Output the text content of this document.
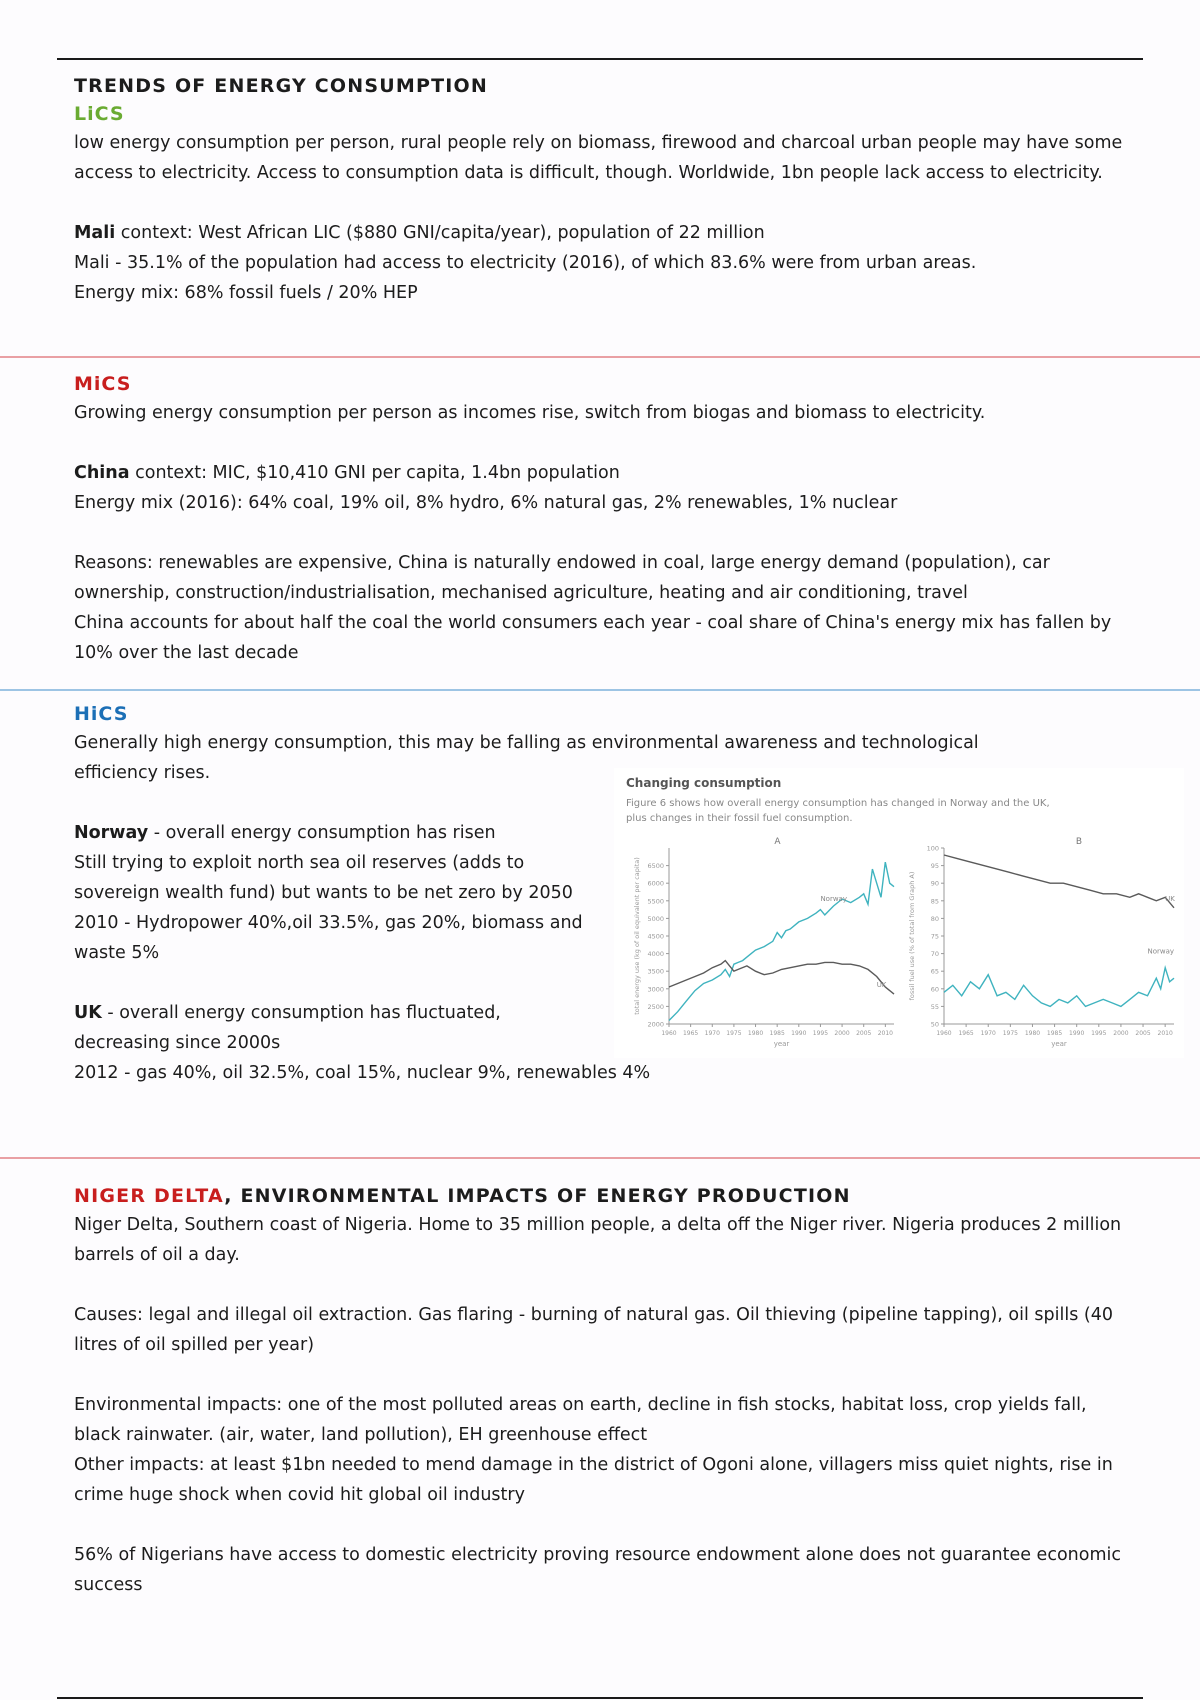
TRENDS OF ENERGY CONSUMPTION
LiCS

low energy consumption per person, rural people rely on biomass, firewood and charcoal urban people may have some access to electricity. Access to consumption data is difficult, though. Worldwide, 1bn people lack access to electricity.

Mali context: West African LIC ($880 GNI/capita/year), population of 22 million

Mali - 35.1% of the population had access to electricity (2016), of which 83.6% were from urban areas.

Energy mix: 68% fossil fuels / 20% HEP

MiCS

Growing energy consumption per person as incomes rise, switch from biogas and biomass to electricity.

China context: MIC, $10,410 GNI per capita, 1.4bn population

Energy mix (2016): 64% coal, 19% oil, 8% hydro, 6% natural gas, 2% renewables, 1% nuclear

Reasons: renewables are expensive, China is naturally endowed in coal, large energy demand (population), car ownership, construction/industrialisation, mechanised agriculture, heating and air conditioning, travel

China accounts for about half the coal the world consumers each year - coal share of China's energy mix has fallen by 10% over the last decade

HiCS

Generally high energy consumption, this may be falling as environmental awareness and technological efficiency rises.

Norway - overall energy consumption has risen

Still trying to exploit north sea oil reserves (adds to sovereign wealth fund) but wants to be net zero by 2050

2010 - Hydropower 40%,oil 33.5%, gas 20%, biomass and waste 5%

UK - overall energy consumption has fluctuated, decreasing since 2000s

2012 - gas 40%, oil 32.5%, coal 15%, nuclear 9%, renewables 4%

Changing consumption
Figure 6 shows how overall energy consumption has changed in Norway and the UK, plus changes in their fossil fuel consumption.
2000
2500
3000
3500
4000
4500
5000
5500
6000
6500
1960 1965 1970 1975 1980 1985 1990 1995 2000 2005 2010
year
total energy use (kg of oil equivalent per capita)
A
Norway
UK
50
55
60
65
70
75
80
85
90
95
100
1960 1965 1970 1975 1980 1985 1990 1995 2000 2005 2010
year
fossil fuel use (% of total from Graph A)
B
UK
Norway
NIGER DELTA, ENVIRONMENTAL IMPACTS OF ENERGY PRODUCTION

Niger Delta, Southern coast of Nigeria. Home to 35 million people, a delta off the Niger river. Nigeria produces 2 million barrels of oil a day.

Causes: legal and illegal oil extraction. Gas flaring - burning of natural gas. Oil thieving (pipeline tapping), oil spills (40 litres of oil spilled per year)

Environmental impacts: one of the most polluted areas on earth, decline in fish stocks, habitat loss, crop yields fall, black rainwater. (air, water, land pollution), EH greenhouse effect

Other impacts: at least $1bn needed to mend damage in the district of Ogoni alone, villagers miss quiet nights, rise in crime huge shock when covid hit global oil industry

56% of Nigerians have access to domestic electricity proving resource endowment alone does not guarantee economic success
